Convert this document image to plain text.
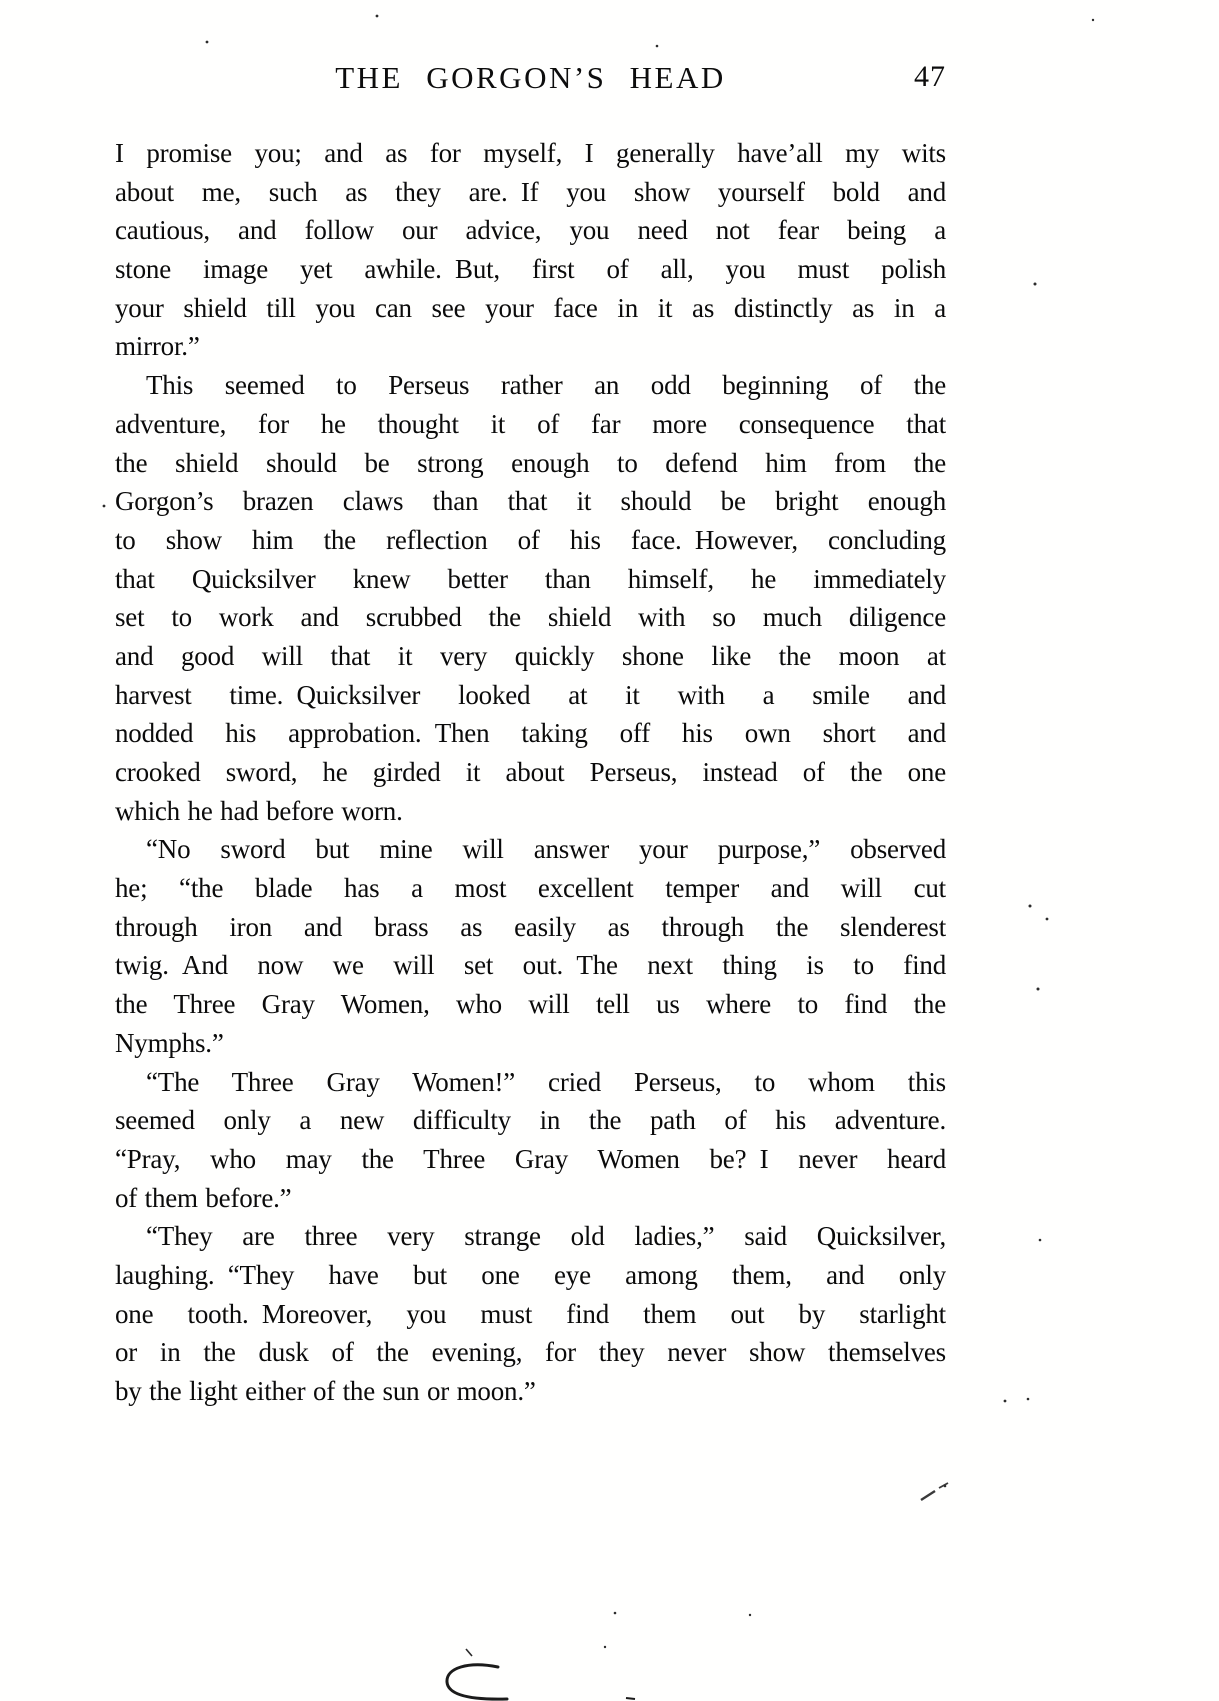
THE GORGON’S HEAD	47
I promise you; and as for myself, I generally have’all my wits
about me, such as they are. If you show yourself bold and
cautious, and follow our advice, you need not fear being a
stone image yet awhile. But, first of all, you must polish
your shield till you can see your face in it as distinctly as in a
mirror.”
This seemed to Perseus rather an odd beginning of the
adventure, for he thought it of far more consequence that
the shield should be strong enough to defend him from the
Gorgon’s brazen claws than that it should be bright enough
to show him the reflection of his face. However, concluding
that Quicksilver knew better than himself, he immediately
set to work and scrubbed the shield with so much diligence
and good will that it very quickly shone like the moon at
harvest time. Quicksilver looked at it with a smile and
nodded his approbation. Then taking off his own short and
crooked sword, he girded it about Perseus, instead of the one
which he had before worn.
“No sword but mine will answer your purpose,” observed
he; “the blade has a most excellent temper and will cut
through iron and brass as easily as through the slenderest
twig. And now we will set out. The next thing is to find
the Three Gray Women, who will tell us where to find the
Nymphs.”
“The Three Gray Women!” cried Perseus, to whom this
seemed only a new difficulty in the path of his adventure.
“Pray, who may the Three Gray Women be? I never heard
of them before.”
“They are three very strange old ladies,” said Quicksilver,
laughing. “They have but one eye among them, and only
one tooth. Moreover, you must find them out by starlight
or in the dusk of the evening, for they never show themselves
by the light either of the sun or moon.”
